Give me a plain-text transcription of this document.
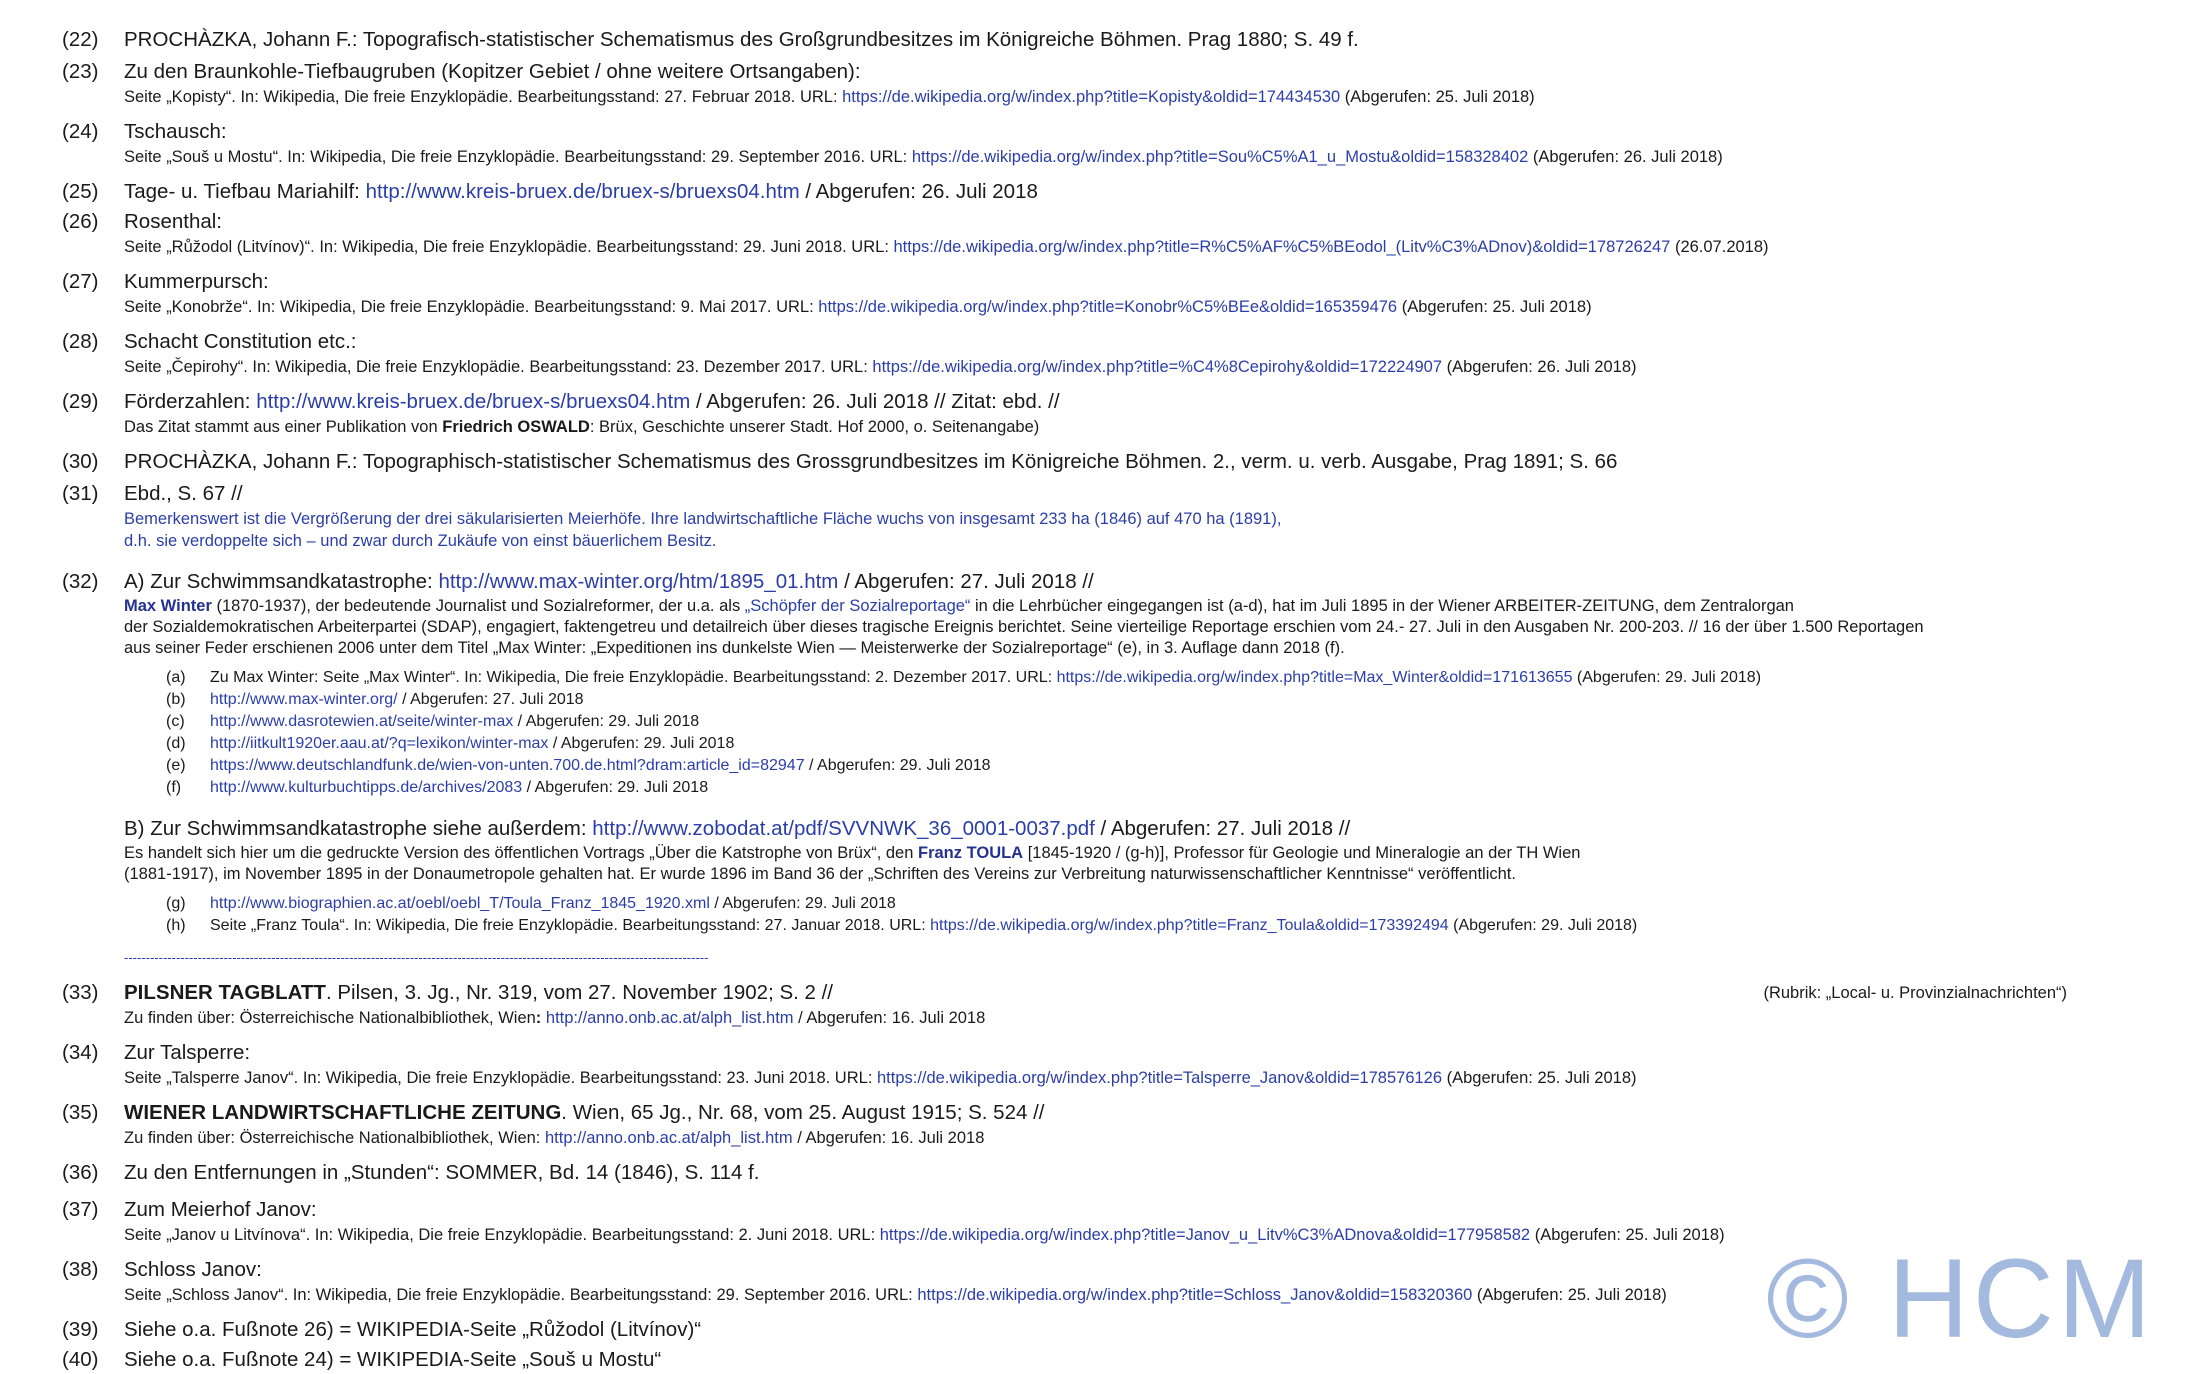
(22)	PROCHÀZKA, Johann F.: Topografisch-statistischer Schematismus des Großgrundbesitzes im Königreiche Böhmen. Prag 1880; S. 49 f.
(23)	Zu den Braunkohle-Tiefbaugruben (Kopitzer Gebiet / ohne weitere Ortsangaben):
Seite „Kopisty“. In: Wikipedia, Die freie Enzyklopädie. Bearbeitungsstand: 27. Februar 2018. URL: https://de.wikipedia.org/w/index.php?title=Kopisty&oldid=174434530 (Abgerufen: 25. Juli 2018)
(24)	Tschausch:
Seite „Souš u Mostu“. In: Wikipedia, Die freie Enzyklopädie. Bearbeitungsstand: 29. September 2016. URL: https://de.wikipedia.org/w/index.php?title=Sou%C5%A1_u_Mostu&oldid=158328402 (Abgerufen: 26. Juli 2018)
(25)	Tage- u. Tiefbau Mariahilf: http://www.kreis-bruex.de/bruex-s/bruexs04.htm / Abgerufen: 26. Juli 2018
(26)	Rosenthal:
Seite „Růžodol (Litvínov)“. In: Wikipedia, Die freie Enzyklopädie. Bearbeitungsstand: 29. Juni 2018. URL: https://de.wikipedia.org/w/index.php?title=R%C5%AF%C5%BEodol_(Litv%C3%ADnov)&oldid=178726247 (26.07.2018)
(27)	Kummerpursch:
Seite „Konobrže“. In: Wikipedia, Die freie Enzyklopädie. Bearbeitungsstand: 9. Mai 2017. URL: https://de.wikipedia.org/w/index.php?title=Konobr%C5%BEe&oldid=165359476 (Abgerufen: 25. Juli 2018)
(28)	Schacht Constitution etc.:
Seite „Čepirohy“. In: Wikipedia, Die freie Enzyklopädie. Bearbeitungsstand: 23. Dezember 2017. URL: https://de.wikipedia.org/w/index.php?title=%C4%8Cepirohy&oldid=172224907 (Abgerufen: 26. Juli 2018)
(29)	Förderzahlen: http://www.kreis-bruex.de/bruex-s/bruexs04.htm / Abgerufen: 26. Juli 2018 // Zitat: ebd. //
Das Zitat stammt aus einer Publikation von Friedrich OSWALD: Brüx, Geschichte unserer Stadt. Hof 2000, o. Seitenangabe)
(30)	PROCHÀZKA, Johann F.: Topographisch-statistischer Schematismus des Grossgrundbesitzes im Königreiche Böhmen. 2., verm. u. verb. Ausgabe, Prag 1891; S. 66
(31)	Ebd., S. 67 //
Bemerkenswert ist die Vergrößerung der drei säkularisierten Meierhöfe. Ihre landwirtschaftliche Fläche wuchs von insgesamt 233 ha (1846) auf 470 ha (1891),
d.h. sie verdoppelte sich – und zwar durch Zukäufe von einst bäuerlichem Besitz.
(32)	A) Zur Schwimmsandkatastrophe: http://www.max-winter.org/htm/1895_01.htm / Abgerufen: 27. Juli 2018 //
Max Winter (1870-1937), der bedeutende Journalist und Sozialreformer, der u.a. als „Schöpfer der Sozialreportage“ in die Lehrbücher eingegangen ist (a-d), hat im Juli 1895 in der Wiener ARBEITER-ZEITUNG, dem Zentralorgan
der Sozialdemokratischen Arbeiterpartei (SDAP), engagiert, faktengetreu und detailreich über dieses tragische Ereignis berichtet. Seine vierteilige Reportage erschien vom 24.- 27. Juli in den Ausgaben Nr. 200-203. // 16 der über 1.500 Reportagen
aus seiner Feder erschienen 2006 unter dem Titel „Max Winter: „Expeditionen ins dunkelste Wien — Meisterwerke der Sozialreportage“ (e), in 3. Auflage dann 2018 (f).
(a)	Zu Max Winter: Seite „Max Winter“. In: Wikipedia, Die freie Enzyklopädie. Bearbeitungsstand: 2. Dezember 2017. URL: https://de.wikipedia.org/w/index.php?title=Max_Winter&oldid=171613655 (Abgerufen: 29. Juli 2018)
(b)	http://www.max-winter.org/ / Abgerufen: 27. Juli 2018
(c)	http://www.dasrotewien.at/seite/winter-max / Abgerufen: 29. Juli 2018
(d)	http://iitkult1920er.aau.at/?q=lexikon/winter-max / Abgerufen: 29. Juli 2018
(e)	https://www.deutschlandfunk.de/wien-von-unten.700.de.html?dram:article_id=82947 / Abgerufen: 29. Juli 2018
(f)	http://www.kulturbuchtipps.de/archives/2083 / Abgerufen: 29. Juli 2018
B) Zur Schwimmsandkatastrophe siehe außerdem: http://www.zobodat.at/pdf/SVVNWK_36_0001-0037.pdf / Abgerufen: 27. Juli 2018 //
Es handelt sich hier um die gedruckte Version des öffentlichen Vortrags „Über die Katstrophe von Brüx“, den Franz TOULA [1845-1920 / (g-h)], Professor für Geologie und Mineralogie an der TH Wien
(1881-1917), im November 1895 in der Donaumetropole gehalten hat. Er wurde 1896 im Band 36 der „Schriften des Vereins zur Verbreitung naturwissenschaftlicher Kenntnisse“ veröffentlicht.
(g)	http://www.biographien.ac.at/oebl/oebl_T/Toula_Franz_1845_1920.xml / Abgerufen: 29. Juli 2018
(h)	Seite „Franz Toula“. In: Wikipedia, Die freie Enzyklopädie. Bearbeitungsstand: 27. Januar 2018. URL: https://de.wikipedia.org/w/index.php?title=Franz_Toula&oldid=173392494 (Abgerufen: 29. Juli 2018)
---------------------------------------------------------------------------------------------------------------------------------------
(33)	PILSNER TAGBLATT. Pilsen, 3. Jg., Nr. 319, vom 27. November 1902; S. 2 //
Zu finden über: Österreichische Nationalbibliothek, Wien: http://anno.onb.ac.at/alph_list.htm / Abgerufen: 16. Juli 2018
(Rubrik: „Local- u. Provinzialnachrichten“)
(34)	Zur Talsperre:
Seite „Talsperre Janov“. In: Wikipedia, Die freie Enzyklopädie. Bearbeitungsstand: 23. Juni 2018. URL: https://de.wikipedia.org/w/index.php?title=Talsperre_Janov&oldid=178576126 (Abgerufen: 25. Juli 2018)
(35)	WIENER LANDWIRTSCHAFTLICHE ZEITUNG. Wien, 65 Jg., Nr. 68, vom 25. August 1915; S. 524 //
Zu finden über: Österreichische Nationalbibliothek, Wien: http://anno.onb.ac.at/alph_list.htm / Abgerufen: 16. Juli 2018
(36)	Zu den Entfernungen in „Stunden“: SOMMER, Bd. 14 (1846), S. 114 f.
(37)	Zum Meierhof Janov:
Seite „Janov u Litvínova“. In: Wikipedia, Die freie Enzyklopädie. Bearbeitungsstand: 2. Juni 2018. URL: https://de.wikipedia.org/w/index.php?title=Janov_u_Litv%C3%ADnova&oldid=177958582 (Abgerufen: 25. Juli 2018)
(38)	Schloss Janov:
Seite „Schloss Janov“. In: Wikipedia, Die freie Enzyklopädie. Bearbeitungsstand: 29. September 2016. URL: https://de.wikipedia.org/w/index.php?title=Schloss_Janov&oldid=158320360 (Abgerufen: 25. Juli 2018)
(39)	Siehe o.a. Fußnote 26) = WIKIPEDIA-Seite „Růžodol (Litvínov)“
(40)	Siehe o.a. Fußnote 24) = WIKIPEDIA-Seite „Souš u Mostu“	© HCM
